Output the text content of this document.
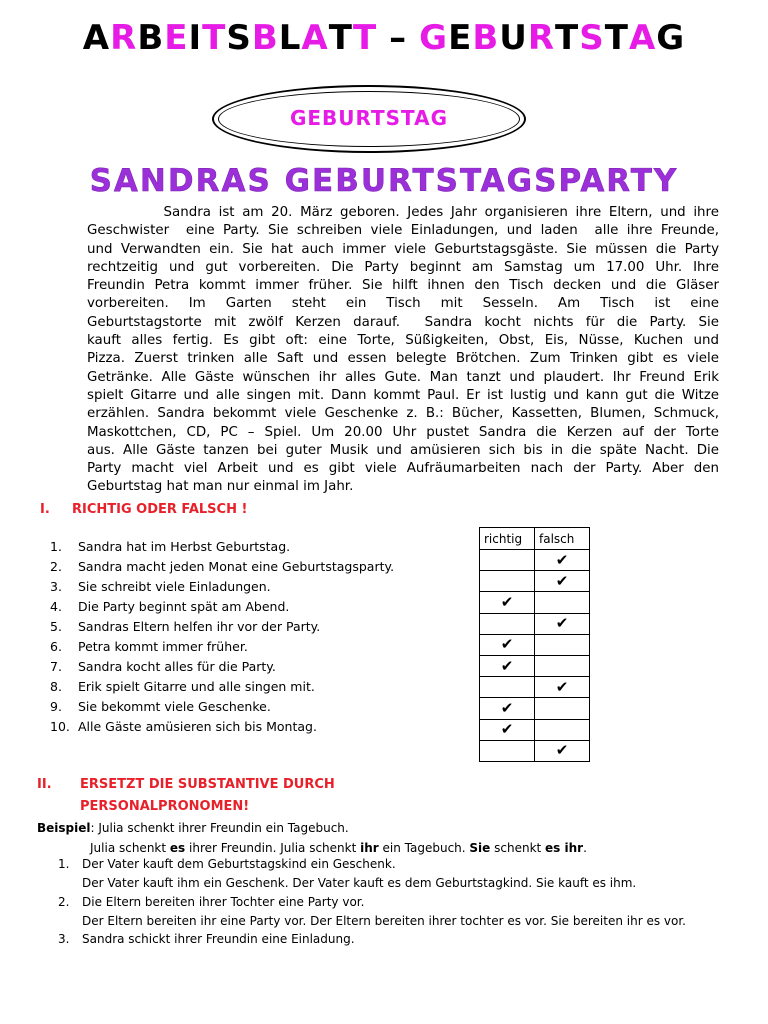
ARBEITSBLATT – GEBURTSTAG
GEBURTSTAG
SANDRAS GEBURTSTAGSPARTY
Sandra ist am 20. März geboren. Jedes Jahr organisieren ihre Eltern, und ihre
Geschwister  eine Party. Sie schreiben viele Einladungen, und laden  alle ihre Freunde,
und Verwandten ein. Sie hat auch immer viele Geburtstagsgäste. Sie müssen die Party
rechtzeitig und gut vorbereiten. Die Party beginnt am Samstag um 17.00 Uhr. Ihre
Freundin Petra kommt immer früher. Sie hilft ihnen den Tisch decken und die Gläser
vorbereiten. Im Garten steht ein Tisch mit Sesseln. Am Tisch ist eine
Geburtstagstorte mit zwölf Kerzen darauf.  Sandra kocht nichts für die Party. Sie
kauft alles fertig. Es gibt oft: eine Torte, Süßigkeiten, Obst, Eis, Nüsse, Kuchen und
Pizza. Zuerst trinken alle Saft und essen belegte Brötchen. Zum Trinken gibt es viele
Getränke. Alle Gäste wünschen ihr alles Gute. Man tanzt und plaudert. Ihr Freund Erik
spielt Gitarre und alle singen mit. Dann kommt Paul. Er ist lustig und kann gut die Witze
erzählen. Sandra bekommt viele Geschenke z. B.: Bücher, Kassetten, Blumen, Schmuck,
Maskottchen, CD, PC – Spiel. Um 20.00 Uhr pustet Sandra die Kerzen auf der Torte
aus. Alle Gäste tanzen bei guter Musik und amüsieren sich bis in die späte Nacht. Die
Party macht viel Arbeit und es gibt viele Aufräumarbeiten nach der Party. Aber den
Geburtstag hat man nur einmal im Jahr.
I. RICHTIG ODER FALSCH !
1. Sandra hat im Herbst Geburtstag.
2. Sandra macht jeden Monat eine Geburtstagsparty.
3. Sie schreibt viele Einladungen.
4. Die Party beginnt spät am Abend.
5. Sandras Eltern helfen ihr vor der Party.
6. Petra kommt immer früher.
7. Sandra kocht alles für die Party.
8. Erik spielt Gitarre und alle singen mit.
9. Sie bekommt viele Geschenke.
10. Alle Gäste amüsieren sich bis Montag.
richtig	falsch
	✔
	✔
✔	
	✔
✔	
✔	
	✔
✔	
✔	
	✔
II. ERSETZT DIE SUBSTANTIVE DURCH
PERSONALPRONOMEN!
Beispiel: Julia schenkt ihrer Freundin ein Tagebuch.
Julia schenkt es ihrer Freundin. Julia schenkt ihr ein Tagebuch. Sie schenkt es ihr.
1. Der Vater kauft dem Geburtstagskind ein Geschenk.
Der Vater kauft ihm ein Geschenk. Der Vater kauft es dem Geburtstagkind. Sie kauft es ihm.
2. Die Eltern bereiten ihrer Tochter eine Party vor.
Der Eltern bereiten ihr eine Party vor. Der Eltern bereiten ihrer tochter es vor. Sie bereiten ihr es vor.
3. Sandra schickt ihrer Freundin eine Einladung.
